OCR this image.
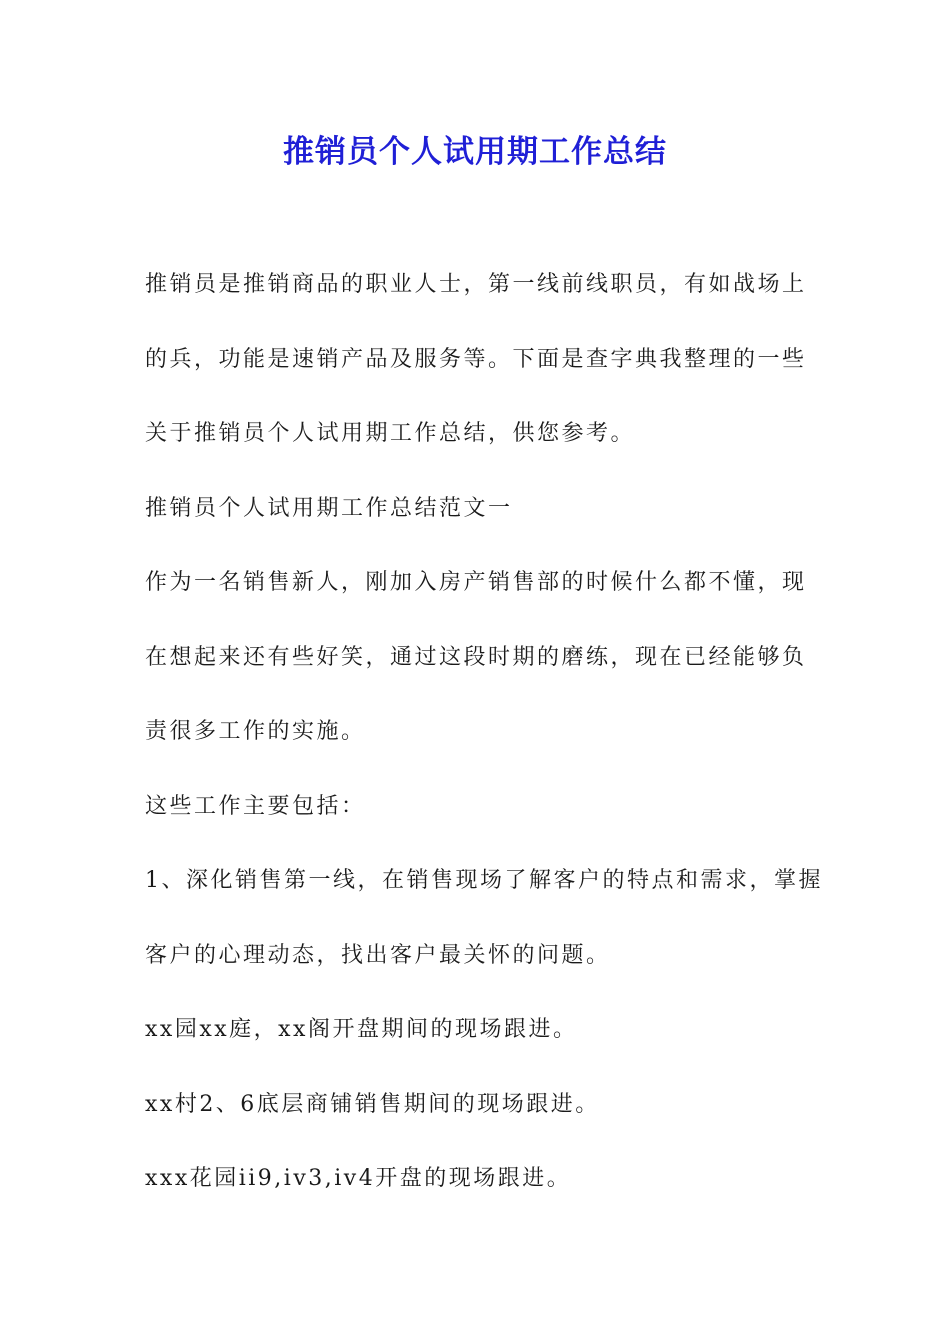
推销员个人试用期工作总结
推销员是推销商品的职业人士，第一线前线职员，有如战场上
的兵，功能是速销产品及服务等。下面是查字典我整理的一些
关于推销员个人试用期工作总结，供您参考。
推销员个人试用期工作总结范文一
作为一名销售新人，刚加入房产销售部的时候什么都不懂，现
在想起来还有些好笑，通过这段时期的磨练，现在已经能够负
责很多工作的实施。
这些工作主要包括：
1、深化销售第一线，在销售现场了解客户的特点和需求，掌握
客户的心理动态，找出客户最关怀的问题。
xx园xx庭，xx阁开盘期间的现场跟进。
xx村2、6底层商铺销售期间的现场跟进。
xxx花园ii9,iv3,iv4开盘的现场跟进。
